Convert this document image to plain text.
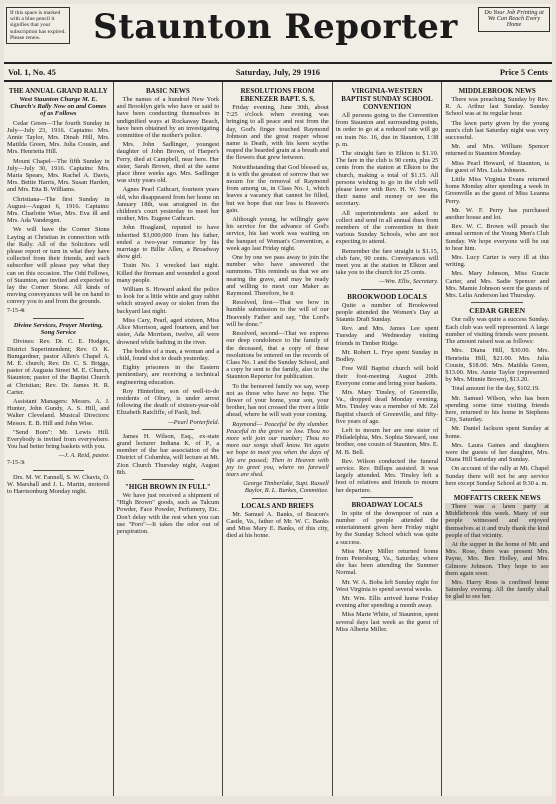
If this space is marked with a blue pencil it signifies that your subscription has expired. Please renew.	Staunton Reporter	Do Your Job Printing at We Can Reach Every Home
Vol. 1, No. 45	Saturday, July, 29 1916	Price 5 Cents
THE ANNUAL GRAND RALLY
West Staunton Charge M. E. Church's Rally Now on and Comes of as Follows

Cedar Green—The fourth Sunday in July—July 23, 1916. Captains: Mrs. Annie Taylor, Mrs. Dinah Hill, Mrs. Matilda Green, Mrs. Julia Cousin, and Mrs. Henrietta Hill.

Mount Chapel—The fifth Sunday in July—July 30, 1916. Captains: Mrs. Maria Spears, Mrs. Rachel A. Davis, Mrs. Bettie Harris, Mrs. Susan Harden, and Mrs. Etta B. Williams.

Christiana—The first Sunday in August—August 6, 1916. Captains: Mrs. Charlotte Wise, Mrs. Eva ill and Mrs. Ada Vandergen.

We will have the Corner Stone Laying at Christian in connection with the Rally. All of the Solicitors will please report or turn in what they have collected from their friends, and each subscriber will please pay what they can on this occasion. The Odd Fellows, of Staunton, are invited and expected to lay the Corner Stone. All kinds of moving conveyances will be on hand to convey you to and from the grounds.

7-15-4t
Divine Services, Prayer Meeting, Song Service

Divines: Rev. Dr. C. E. Hodges, District Superintendent; Rev. O. K. Bumgardner, pastor Allen's Chapel A. M. E. church; Rev. Dr. C. S. Briggs, pastor of Augusta Street M. E. Church, Staunton; pastor of the Baptist Church at Christian; Rev. Dr. James H. R. Carter.

Assistant Managers: Messrs. A. J. Hunter, John Gundy, A. S. Hill, and Walter Cleveland. Musical Directors: Messrs. E. B. Hill and John Wise.

"Send Bom": Mr. Lewis Hill. Everybody is invited from everywhere. You had better bring baskets with you.

—J. A. Reid, pastor.
7-15-3t

Drs. M. W. Fannell, S. W. Chavis, O. W. Marshall and J. L. Martin, motored to Harrisonburg Monday night.

BASIC NEWS

The names of a hundred New York and Brooklyn girls who have or said to have been conducting themselves in undignified ways at Rockaway Beach, have been obtained by an investigating committee of the mother's police.

Mrs. John Sadlinger, youngest daughter of John Brown, of Harper's Ferry, died at Campbell, near here. Her sister, Sarah Brown, died at the same place three weeks ago. Mrs. Sadlinger was sixty years old.

Agnes Pearl Cathcart, fourteen years old, who disappeared from her home on January 18th, was arraigned in the children's court yesterday to meet her mother, Mrs. Eugene Cathcart.

John Hoagland, reputed to have inherited $3,000,000 from his father, ended a two-year romance by his marriage to Billie Allen, a Broadway show girl.

Train No. 1 wrecked last night. Killed the fireman and wounded a good many people.

William S. Howard asked the police to look for a little white and gray rabbit which strayed away or stolen from the backyard last night.

Miss Cary, Pearl, aged sixteen, Miss Alice Morrison, aged fourteen, and her sister, Ada Morrison, twelve, all were drowned while bathing in the river.

The bodies of a man, a woman and a child, found shot to death yesterday.

Eighty prisoners in the Eastern penitentiary, are receiving a technical engineering education.

Roy Hinterliter, son of well-to-do residents of Olney, is under arrest following the death of sixteen-year-old Elizabeth Ratcliffe, of Paoli, Ind.

—Pearl Porterfield.

James H. Wilson, Esq., ex-state grand lecturer Indiana K. of P., a member of the bar association of the District of Columbia, will lecture at Mt. Zion Church Thursday night, August 8th.

"HIGH BROWN IN FULL"

We have just received a shipment of "High Brown" goods, such as Talcum Powder, Face Powder, Perfumery, Etc. Don't delay with the rest when you can use "Poro"—It takes the odor out of perspiration.

RESOLUTIONS FROM EBENEZER BAPT. S. S.

Friday evening, June 30th, about 7:25 o'clock when evening was bringing to all peace and rest from the day, God's finger touched Raymond Johnson and the great reaper whose name is Death, with his keen scythe reaped the bearded grain at a breath and the flowers that grew between.

Notwithstanding that God blessed us, it is with the greatest of sorrow that we mourn for the removal of Raymond from among us, in Class No. 1, which leaves a vacancy that cannot be filled, but we hope that our loss is Heaven's gain.

Although young, he willingly gave his service for the advance of God's service, his last work was waiting on the banquet of Woman's Convention, a week ago last Friday night.

One by one we pass away to join the number who have answered the summons. This reminds us that we are nearing the grave, and may be ready and willing to meet our Maker as Raymond. Therefore, be it

Resolved, first—That we bow in humble submission to the will of our Heavenly Father and say, "the Lord's will be done."

Resolved, second—That we express our deep condolence to the family of the deceased, that a copy of these resolutions be entered on the records of Class No. 1 and the Sunday School, and a copy be sent to the family, also to the Staunton Reporter for publication.

To the bereaved family we say, weep not as those who have no hope. The flower of your home, your son, your brother, has not crossed the river a little ahead, where he will wait your coming.

Raymond— Peaceful be thy slumber. Peaceful in the grave so low. Thou no more wilt join our number; Thou no more our songs shall know. Yet again we hope to meet you when the days of life are passed; Then in Heaven with joy to greet you, where no farewell tears are shed.

George Timberlake, Supt. Russell Baylor, R. L. Burkes, Committee.
LOCALS AND BRIEFS

Mr. Samuel A. Banks, of Beacon's Castle, Va., father of Mr. W. C. Banks and Miss Mary E. Banks, of this city, died at his home.

VIRGINIA-WESTERN BAPTIST SUNDAY SCHOOL CONVENTION

All persons going to the Convention from Staunton and surrounding points, in order to go at a reduced rate will go on train No. 16, due in Staunton, 1:38 p. m.

The straight fare to Elkton is $1.10. The fare in the club is 90 cents, plus 25 cents from the station at Elkton to the church, making a total of $1.15. All persons wishing to go in the club will please leave with Rev. H. W. Swann, their name and money or see the secretary.

All superintendents are asked to collect and send in all annual dues from members of the convention in their various Sunday Schools, who are not expecting to attend.

Remember the fare straight is $1.15, club fare, 90 cents. Conveyances will meet you at the station in Elkton and take you to the church for 25 cents.

—Wm. Ellis, Secretary.
BROOKWOOD LOCALS

Quite a number of Brookwood people attended the Women's Day at Staunts Draft Sunday.

Rev. and Mrs. James Lee spent Tuesday and Wednesday visiting friends in Timber Ridge.

Mr. Robert L. Frye spent Sunday in Bodley.

Free Will Baptist church will hold their foot-meeting August 20th. Everyone come and bring your baskets.

Mrs. Mary Tinsley, of Greenville, Va., dropped dead Monday evening. Mrs. Tinsley was a member of Mt. Zel Baptist church of Greenville, and fifty-five years of age.

Left to mourn her are one sister of Philadelphia, Mrs. Sophia Steward, one brother, one cousin of Staunton, Mrs. E. M. B. Bell.

Rev. Wilson conducted the funeral service. Rev. Billups assisted. It was largely attended. Mrs. Tinsley left a host of relatives and friends to mourn her departure.

BROADWAY LOCALS

In spite of the downpour of rain a number of people attended the entertainment given here Friday night by the Sunday School which was quite a success.

Miss Mary Miller returned home from Petersburg, Va., Saturday, where she has been attending the Summer Normal.

Mr. W. A. Boba left Sunday night for West Virginia to spend several weeks.

Mr. Wm. Ellis arrived home Friday evening after spending a month away.

Miss Marie White, of Staunton, spent several days last week as the guest of Miss Alberta Miller.

MIDDLEBROOK NEWS

There was preaching Sunday by Rev. R. A. Arthur last Sunday. Sunday School was at its regular hour.

The lawn party given by the young men's club last Saturday night was very successful.

Mr. and Mrs. William Spencer returned to Staunton Monday.

Miss Pearl Howard, of Staunton, is the guest of Mrs. Lula Johnson.

Little Miss Virginia Evans returned home Monday after spending a week in Greenville as the guest of Miss Leanna Perry.

Mr. W. F. Perry has purchased another house and lot.

Rev. W. C. Brown will preach the annual sermon of the Young Men's Club Sunday. We hope everyone will be out to hear him.

Mrs. Lucy Carter is very ill at this writing.

Mrs. Mary Johnson, Miss Gracie Carter, and Mrs. Sadie Spencer and Mrs. Mamie Johnson were the guests of Mrs. Lelia Anderson last Thursday.

CEDAR GREEN

Our rally was quite a success Sunday. Each club was well represented. A large number of visiting friends were present. The amount raised was as follows:

Mrs. Diana Hill, $30.00. Mrs. Henrietta Hill, $21.00. Mrs. Julia Cousin, $18.00. Mrs. Matilda Green, $13.00. Mrs. Annie Taylor (represented by Mrs. Minnie Brown), $13.20.

Total amount for the day, $102.19.

Mr. Samuel Wilson, who has been spending some time visiting friends here, returned to his home in Stephens City, Saturday.

Mr. Daniel Jackson spent Sunday at home.

Mrs. Laura Gaines and daughters were the guests of her daughter, Mrs. Diana Hill Saturday and Sunday.

On account of the rally at Mt. Chapel Sunday there will not be any service here except Sunday School at 9:30 a. m.

MOFFATTS CREEK NEWS

There was a lawn party at Middlebrook this week. Many of our people witnessed and enjoyed themselves at it and truly thank the kind people of that vicinity.

At the supper in the home of Mr. and Mrs. Rose, there was present Mrs. Payne, Mrs. Ben Holley, and Mrs. Gilmore Johnson. They hope to see them again soon.

Mrs. Harry Ross is confined home Saturday evening. All the family shall be glad to see her.
